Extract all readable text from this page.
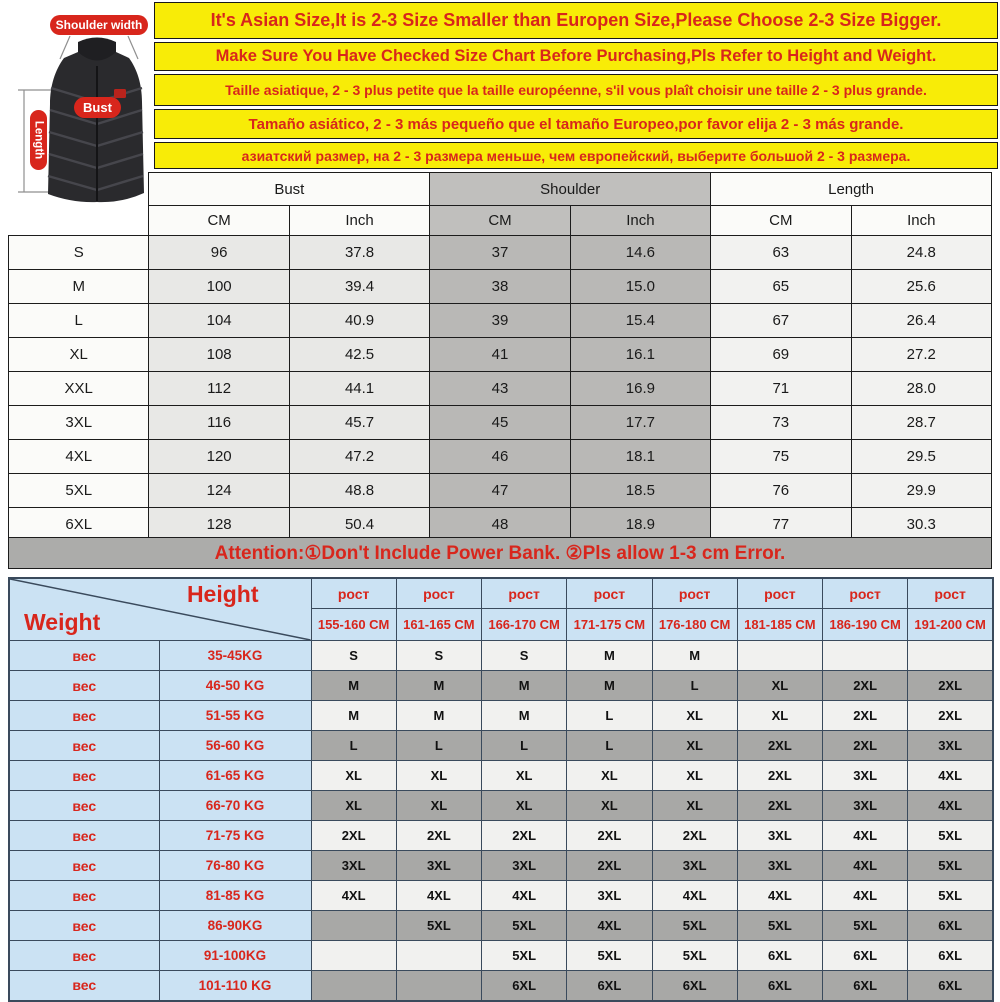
Shoulder width
Bust
Length
It's Asian Size,It is 2-3 Size Smaller than Europen Size,Please Choose 2-3 Size Bigger.
Make Sure You Have Checked Size Chart Before Purchasing,Pls Refer to Height and Weight.
Taille asiatique, 2 - 3 plus petite que la taille européenne, s'il vous plaît choisir une taille 2 - 3 plus grande.
Tamaño asiático, 2 - 3 más pequeño que el tamaño Europeo,por favor elija 2 - 3 más grande.
азиатский размер, на 2 - 3 размера меньше, чем европейский, выберите большой 2 - 3 размера.
	Bust		Shoulder		Length	
	CM	Inch	CM	Inch	CM	Inch
S	96	37.8	37	14.6	63	24.8
M	100	39.4	38	15.0	65	25.6
L	104	40.9	39	15.4	67	26.4
XL	108	42.5	41	16.1	69	27.2
XXL	112	44.1	43	16.9	71	28.0
3XL	116	45.7	45	17.7	73	28.7
4XL	120	47.2	46	18.1	75	29.5
5XL	124	48.8	47	18.5	76	29.9
6XL	128	50.4	48	18.9	77	30.3
Attention:①Don't Include Power Bank. ②Pls allow 1-3 cm Error.
Height
Weight		рост	рост	рост	рост	рост	рост	рост	рост
		155-160 CM	161-165 CM	166-170 CM	171-175 CM	176-180 CM	181-185 CM	186-190 CM	191-200 CM
вес	35-45KG	S	S	S	M	M			
вес	46-50 KG	M	M	M	M	L	XL	2XL	2XL
вес	51-55 KG	M	M	M	L	XL	XL	2XL	2XL
вес	56-60 KG	L	L	L	L	XL	2XL	2XL	3XL
вес	61-65 KG	XL	XL	XL	XL	XL	2XL	3XL	4XL
вес	66-70 KG	XL	XL	XL	XL	XL	2XL	3XL	4XL
вес	71-75 KG	2XL	2XL	2XL	2XL	2XL	3XL	4XL	5XL
вес	76-80 KG	3XL	3XL	3XL	2XL	3XL	3XL	4XL	5XL
вес	81-85 KG	4XL	4XL	4XL	3XL	4XL	4XL	4XL	5XL
вес	86-90KG		5XL	5XL	4XL	5XL	5XL	5XL	6XL
вес	91-100KG			5XL	5XL	5XL	6XL	6XL	6XL
вес	101-110 KG			6XL	6XL	6XL	6XL	6XL	6XL
